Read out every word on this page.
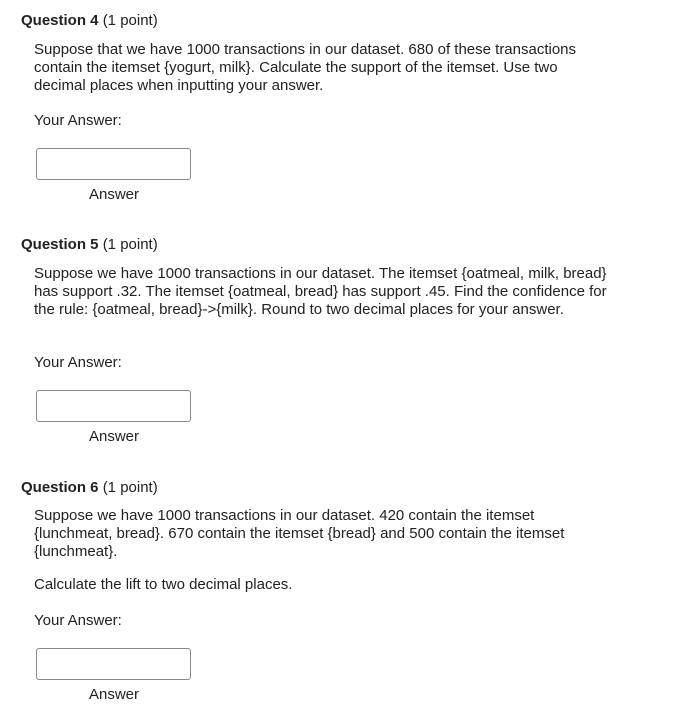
Question 4 (1 point)

Suppose that we have 1000 transactions in our dataset. 680 of these transactions contain the itemset {yogurt, milk}. Calculate the support of the itemset. Use two decimal places when inputting your answer.

Your Answer:
Answer
Question 5 (1 point)

Suppose we have 1000 transactions in our dataset. The itemset {oatmeal, milk, bread} has support .32. The itemset {oatmeal, bread} has support .45. Find the confidence for the rule: {oatmeal, bread}->{milk}. Round to two decimal places for your answer.

Your Answer:
Answer
Question 6 (1 point)

Suppose we have 1000 transactions in our dataset. 420 contain the itemset {lunchmeat, bread}. 670 contain the itemset {bread} and 500 contain the itemset {lunchmeat}.

Calculate the lift to two decimal places.

Your Answer:
Answer
